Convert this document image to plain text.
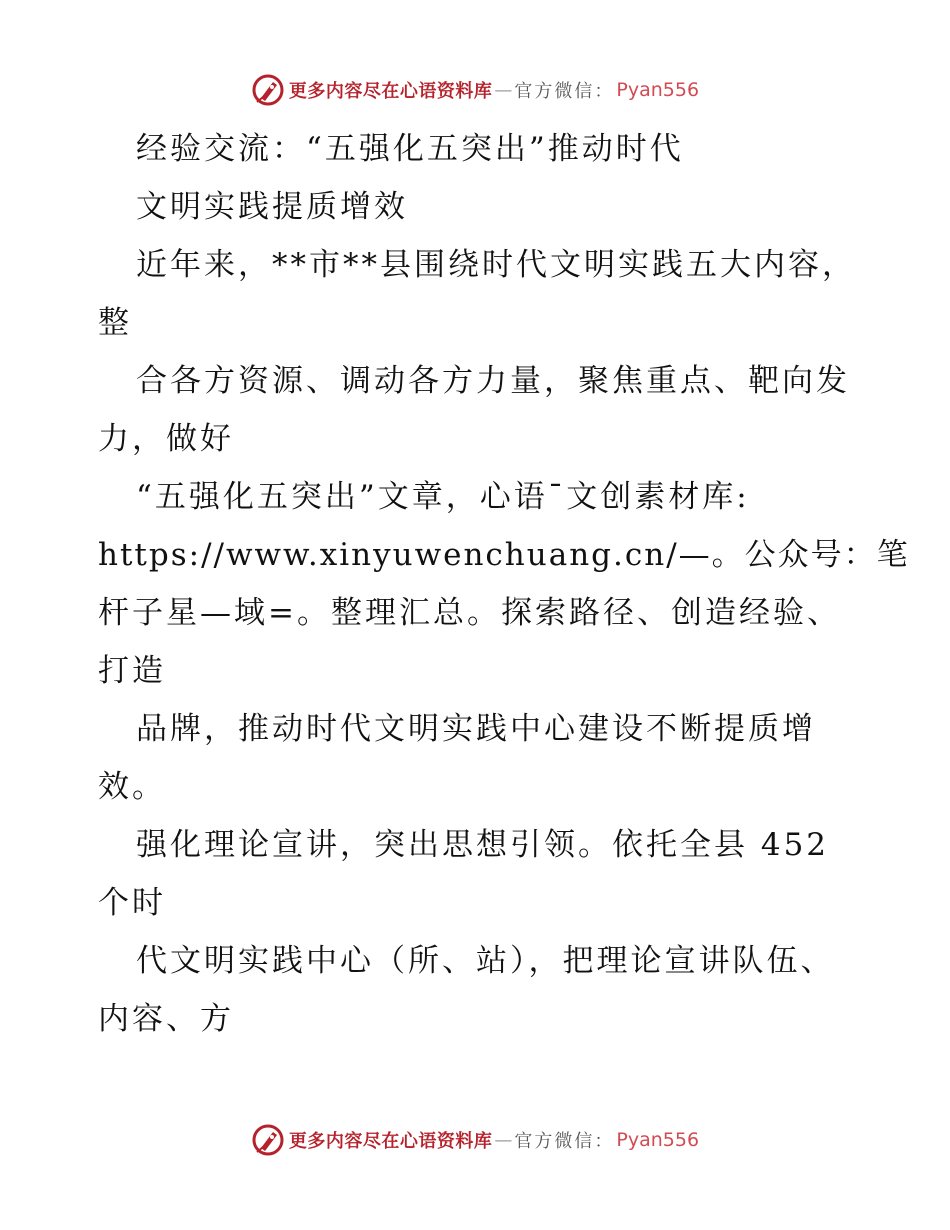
更多内容尽在心语资料库 — 官方微信： Pyan556
经验交流：“五强化五突出”推动时代
文明实践提质增效
近年来，**市**县围绕时代文明实践五大内容，
整
合各方资源、调动各方力量，聚焦重点、靶向发
力，做好
“五强化五突出”文章，心语¯文创素材库:
https://www.xinyuwenchuang.cn/—。公众号：笔
杆子星—域=。整理汇总。探索路径、创造经验、
打造
品牌，推动时代文明实践中心建设不断提质增
效。
强化理论宣讲，突出思想引领。依托全县 452
个时
代文明实践中心（所、站），把理论宣讲队伍、
内容、方
更多内容尽在心语资料库 — 官方微信： Pyan556
